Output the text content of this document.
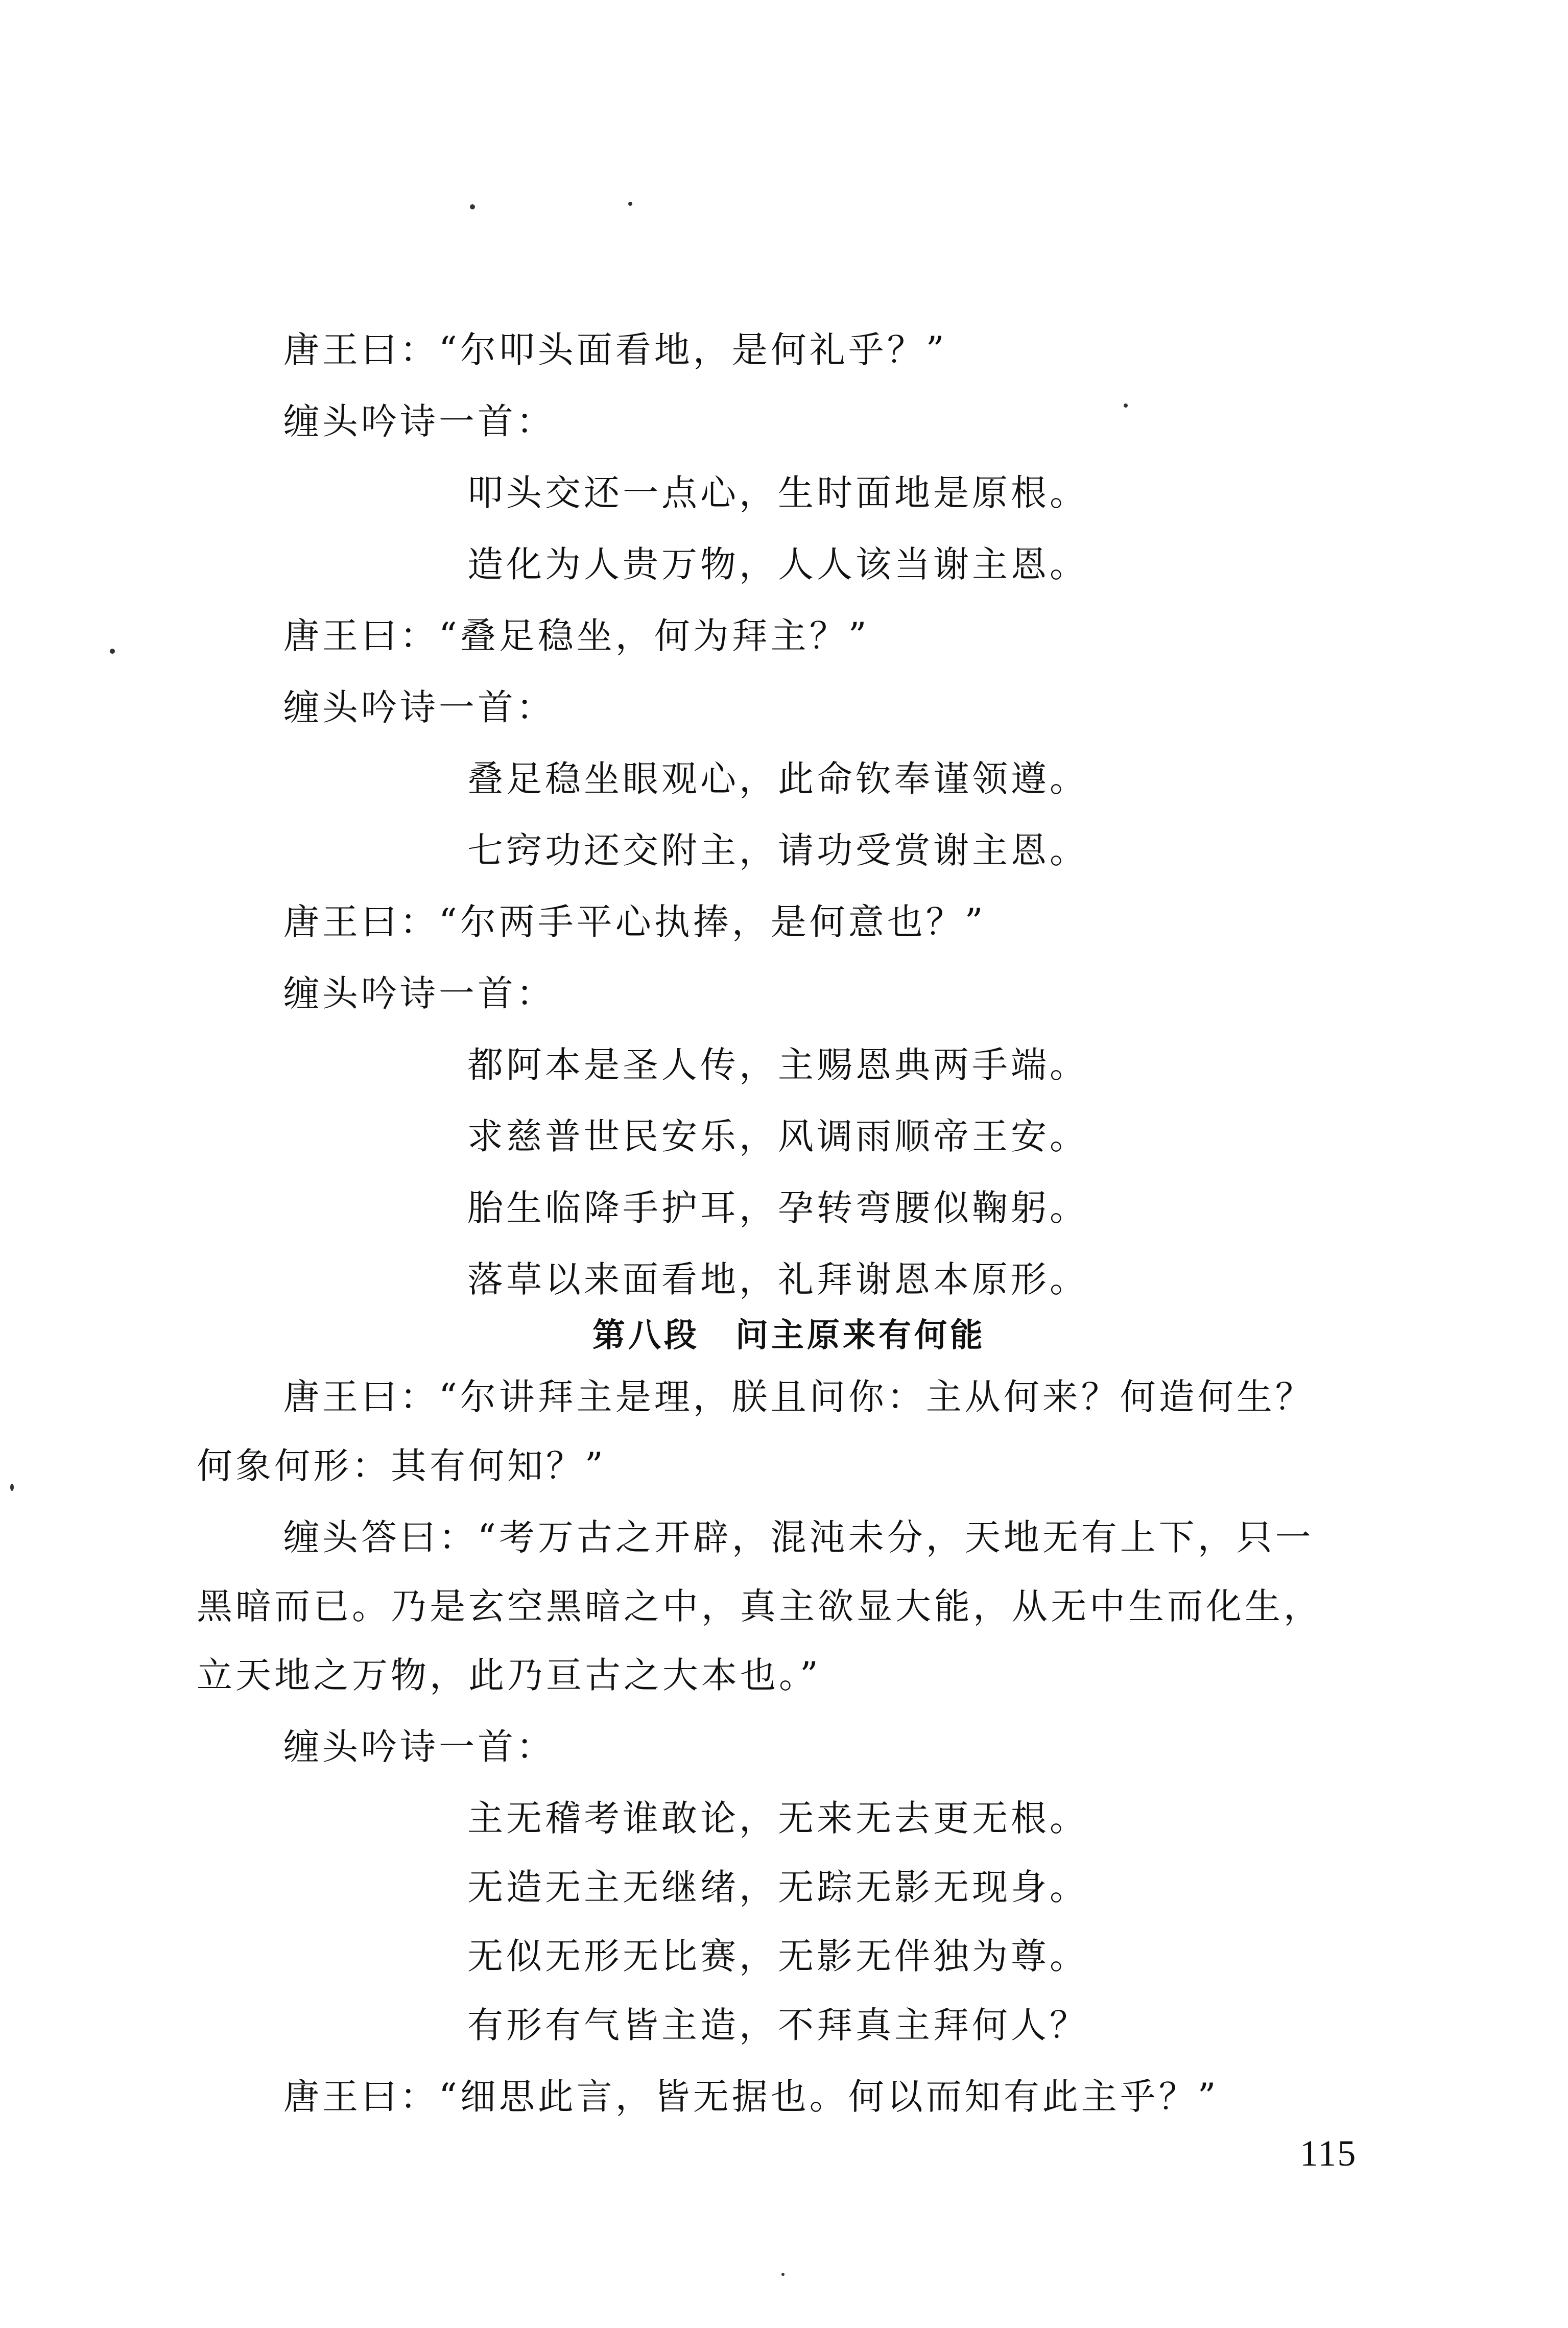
唐王曰：“尔叩头面看地，是何礼乎？”
缠头吟诗一首：
叩头交还一点心，生时面地是原根。
造化为人贵万物，人人该当谢主恩。
唐王曰：“叠足稳坐，何为拜主？”
缠头吟诗一首：
叠足稳坐眼观心，此命钦奉谨领遵。
七窍功还交附主，请功受赏谢主恩。
唐王曰：“尔两手平心执捧，是何意也？”
缠头吟诗一首：
都阿本是圣人传，主赐恩典两手端。
求慈普世民安乐，风调雨顺帝王安。
胎生临降手护耳，孕转弯腰似鞠躬。
落草以来面看地，礼拜谢恩本原形。
第八段　问主原来有何能
唐王曰：“尔讲拜主是理，朕且问你：主从何来？何造何生？
何象何形：其有何知？”
缠头答曰：“考万古之开辟，混沌未分，天地无有上下，只一
黑暗而已。乃是玄空黑暗之中，真主欲显大能，从无中生而化生，
立天地之万物，此乃亘古之大本也。”
缠头吟诗一首：
主无稽考谁敢论，无来无去更无根。
无造无主无继绪，无踪无影无现身。
无似无形无比赛，无影无伴独为尊。
有形有气皆主造，不拜真主拜何人？
唐王曰：“细思此言，皆无据也。何以而知有此主乎？”
115
